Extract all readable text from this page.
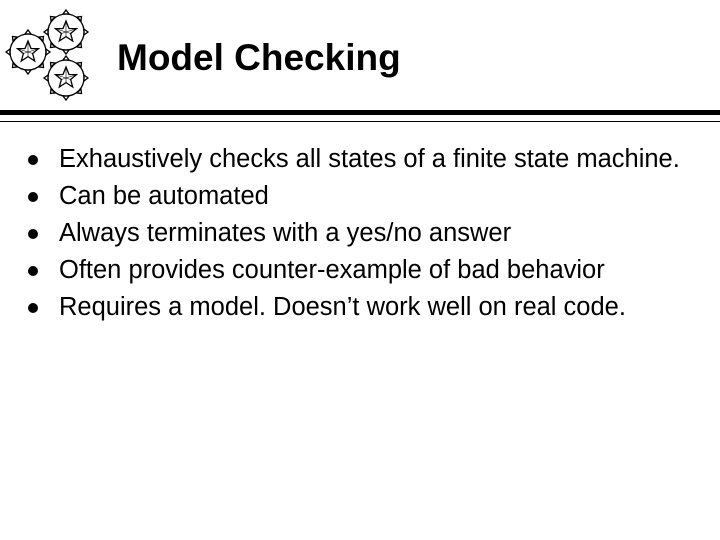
Model Checking
Exhaustively checks all states of a finite state machine.
Can be automated
Always terminates with a yes/no answer
Often provides counter-example of bad behavior
Requires a model. Doesn’t work well on real code.
